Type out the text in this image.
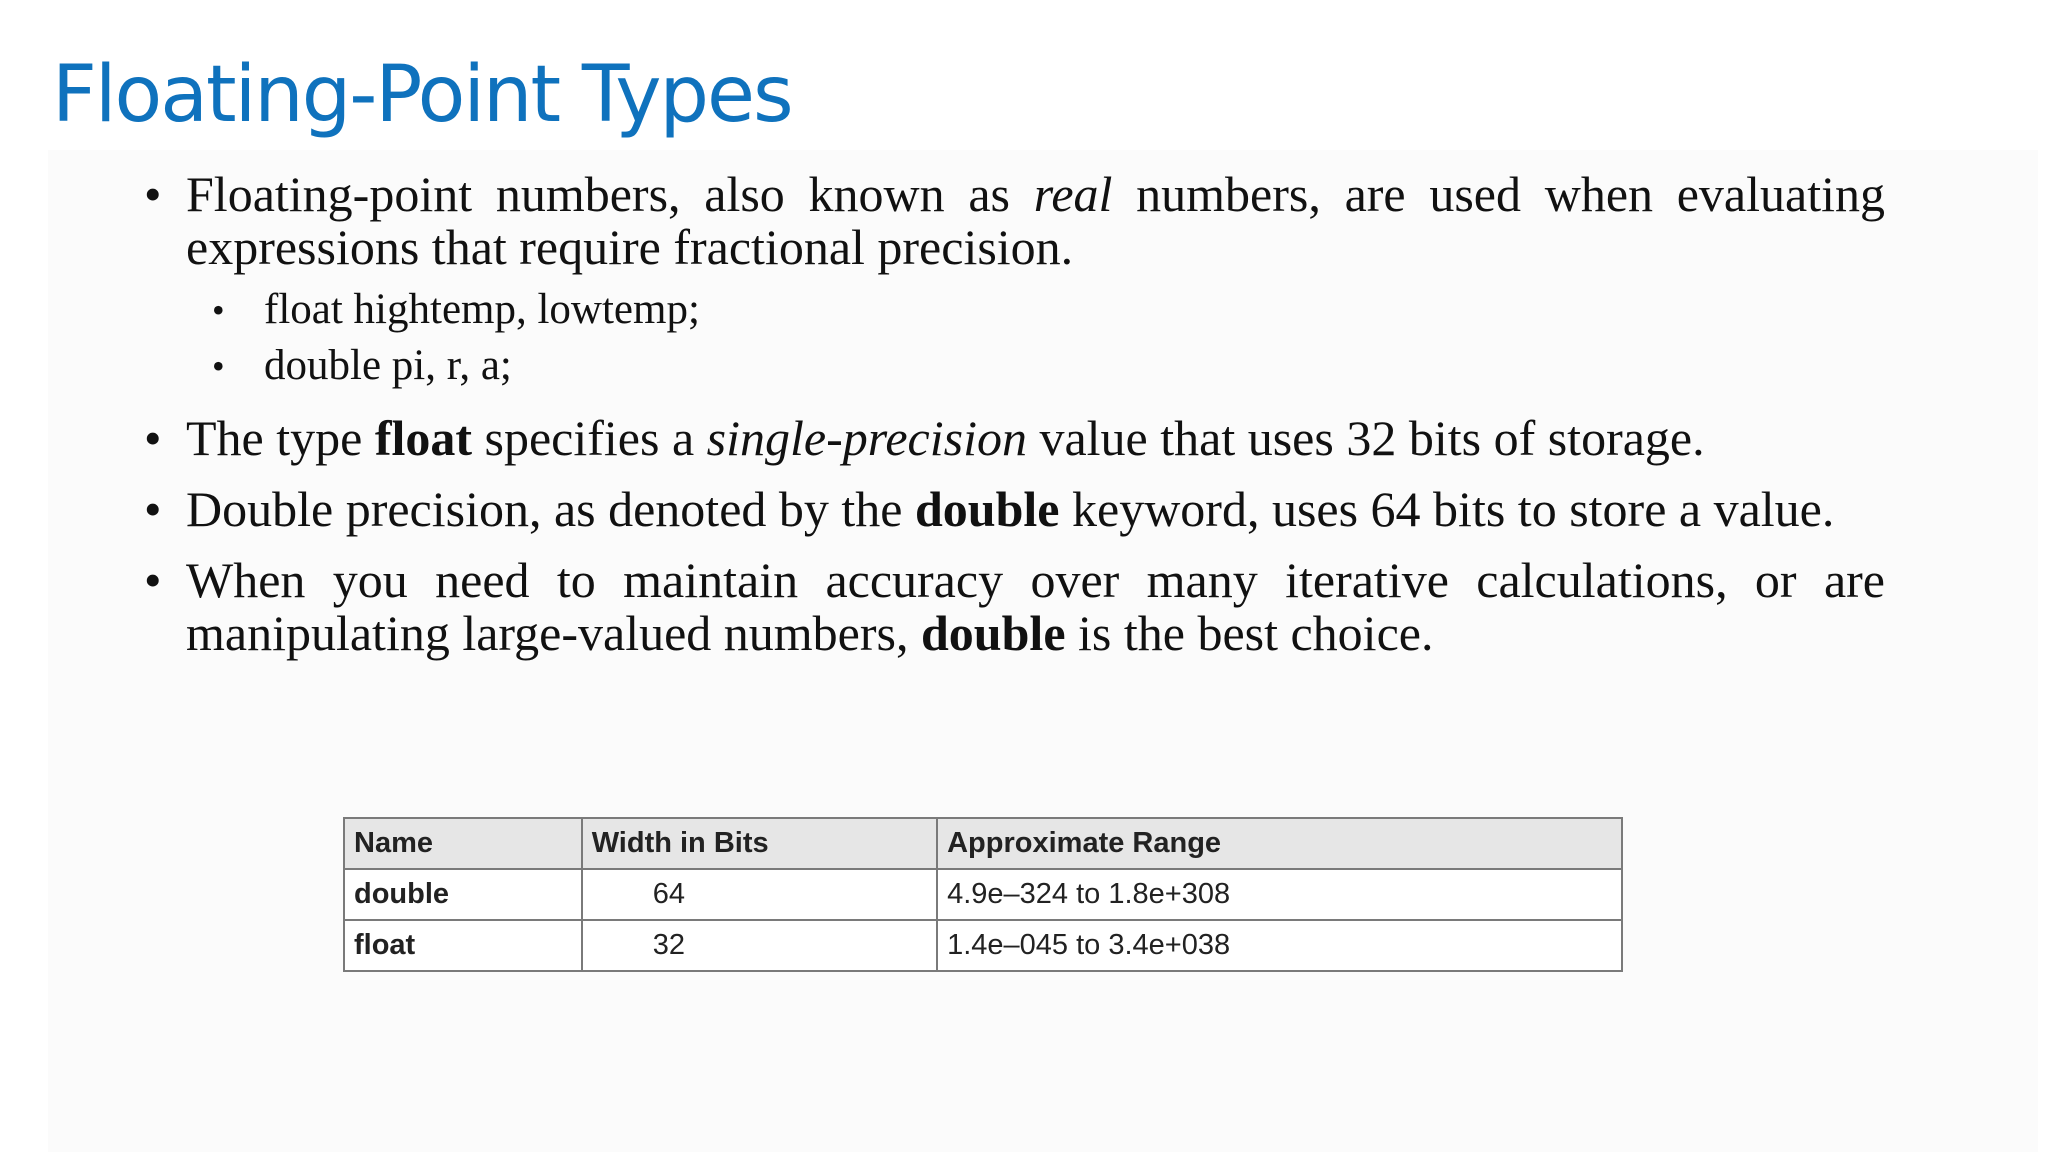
Floating-Point Types
• Floating-point numbers, also known as real numbers, are used when evaluating expressions that require fractional precision.
• float hightemp, lowtemp;
• double pi, r, a;
• The type float specifies a single-precision value that uses 32 bits of storage.
• Double precision, as denoted by the double keyword, uses 64 bits to store a value.
• When you need to maintain accuracy over many iterative calculations, or are manipulating large-valued numbers, double is the best choice.
Name	Width in Bits	Approximate Range
double	64	4.9e–324 to 1.8e+308
float	32	1.4e–045 to 3.4e+038
